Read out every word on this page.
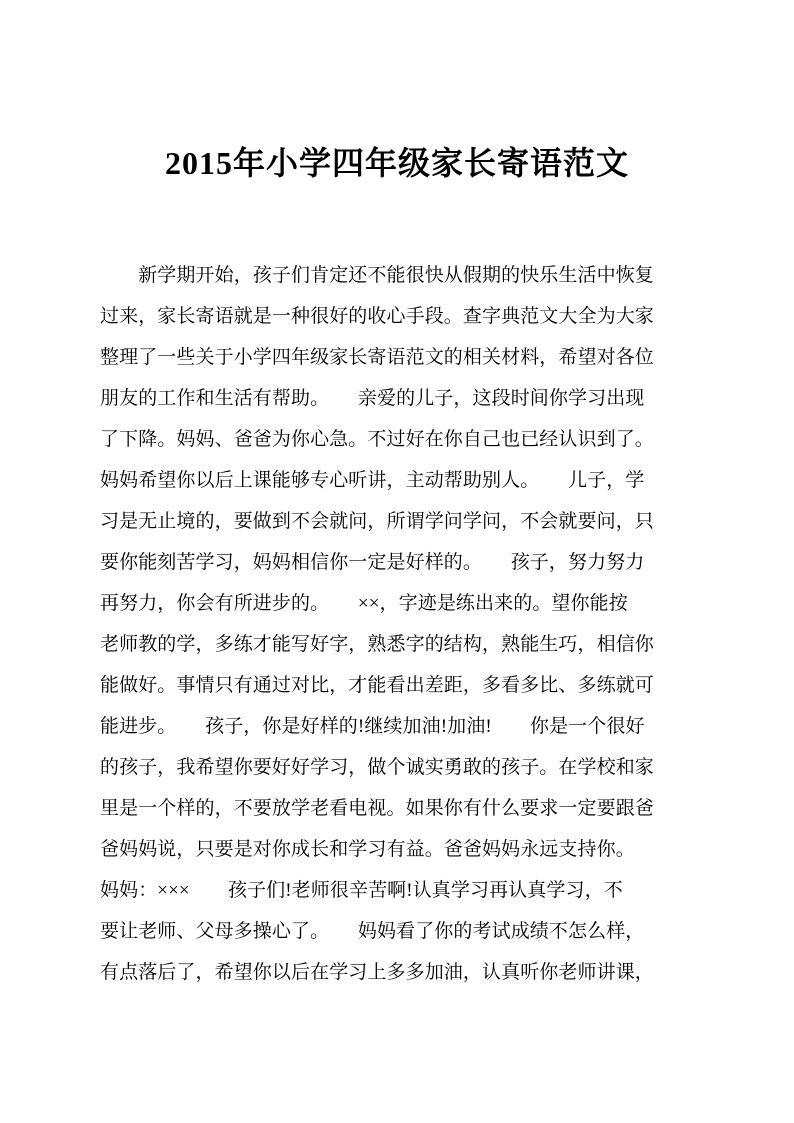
2015年小学四年级家长寄语范文
　　新学期开始，孩子们肯定还不能很快从假期的快乐生活中恢复
过来，家长寄语就是一种很好的收心手段。查字典范文大全为大家
整理了一些关于小学四年级家长寄语范文的相关材料，希望对各位
朋友的工作和生活有帮助。　　亲爱的儿子，这段时间你学习出现
了下降。妈妈、爸爸为你心急。不过好在你自己也已经认识到了。
妈妈希望你以后上课能够专心听讲，主动帮助别人。　　儿子，学
习是无止境的，要做到不会就问，所谓学问学问，不会就要问，只
要你能刻苦学习，妈妈相信你一定是好样的。　　孩子，努力努力
再努力，你会有所进步的。　　××，字迹是练出来的。望你能按
老师教的学，多练才能写好字，熟悉字的结构，熟能生巧，相信你
能做好。事情只有通过对比，才能看出差距，多看多比、多练就可
能进步。　　孩子，你是好样的!继续加油!加油!　　你是一个很好
的孩子，我希望你要好好学习，做个诚实勇敢的孩子。在学校和家
里是一个样的，不要放学老看电视。如果你有什么要求一定要跟爸
爸妈妈说，只要是对你成长和学习有益。爸爸妈妈永远支持你。
妈妈：×××　　孩子们!老师很辛苦啊!认真学习再认真学习，不
要让老师、父母多操心了。　　妈妈看了你的考试成绩不怎么样，
有点落后了，希望你以后在学习上多多加油，认真听你老师讲课，
